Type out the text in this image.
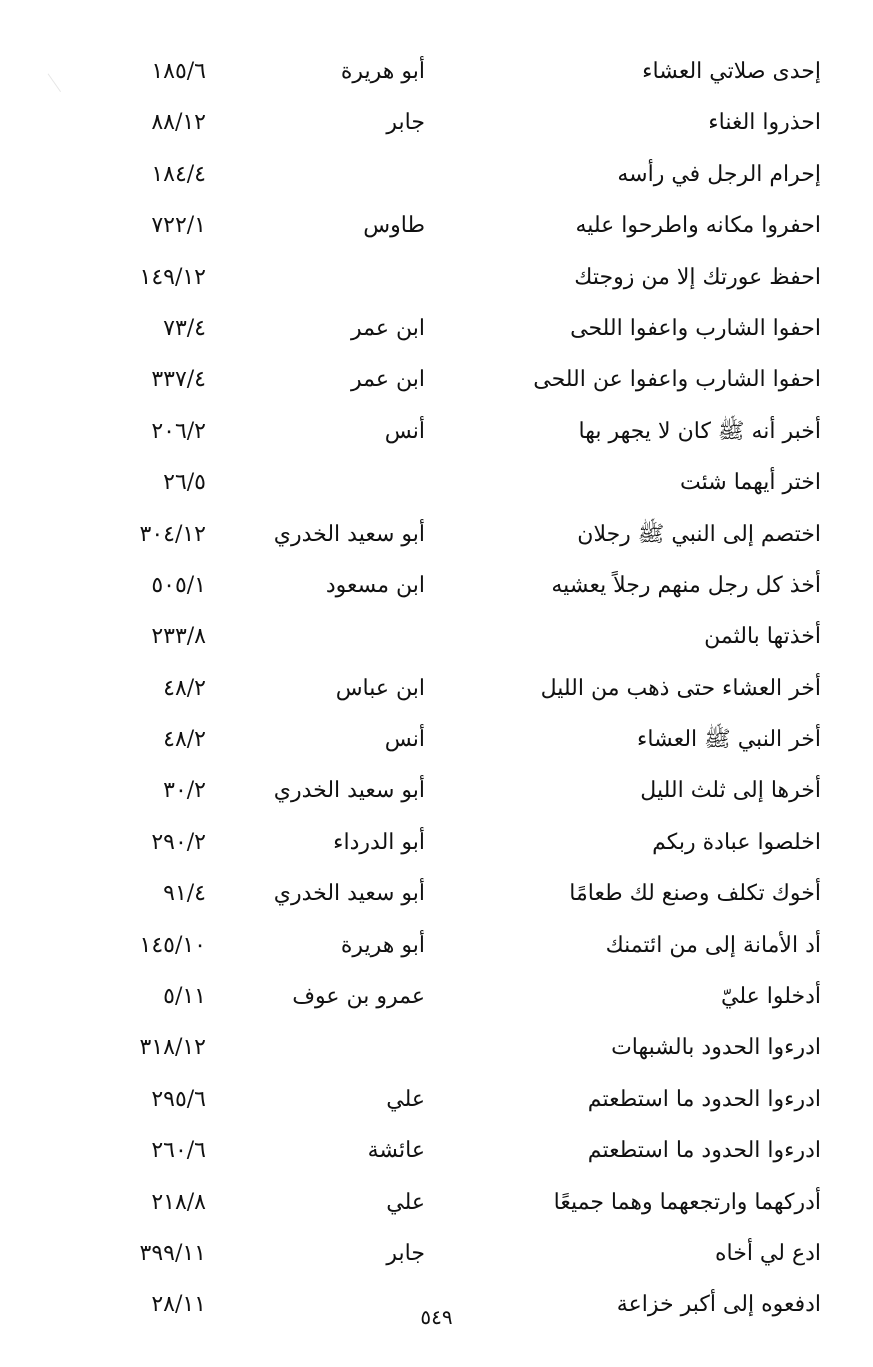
إحدى صلاتي العشاء
أبو هريرة
١٨٥/٦
احذروا الغناء
جابر
٨٨/١٢
إحرام الرجل في رأسه
١٨٤/٤
احفروا مكانه واطرحوا عليه
طاوس
٧٢٢/١
احفظ عورتك إلا من زوجتك
١٤٩/١٢
احفوا الشارب واعفوا اللحى
ابن عمر
٧٣/٤
احفوا الشارب واعفوا عن اللحى
ابن عمر
٣٣٧/٤
أخبر أنه ﷺ كان لا يجهر بها
أنس
٢٠٦/٢
اختر أيهما شئت
٢٦/٥
اختصم إلى النبي ﷺ رجلان
أبو سعيد الخدري
٣٠٤/١٢
أخذ كل رجل منهم رجلاً يعشيه
ابن مسعود
٥٠٥/١
أخذتها بالثمن
٢٣٣/٨
أخر العشاء حتى ذهب من الليل
ابن عباس
٤٨/٢
أخر النبي ﷺ العشاء
أنس
٤٨/٢
أخرها إلى ثلث الليل
أبو سعيد الخدري
٣٠/٢
اخلصوا عبادة ربكم
أبو الدرداء
٢٩٠/٢
أخوك تكلف وصنع لك طعامًا
أبو سعيد الخدري
٩١/٤
أد الأمانة إلى من ائتمنك
أبو هريرة
١٤٥/١٠
أدخلوا عليّ
عمرو بن عوف
٥/١١
ادرءوا الحدود بالشبهات
٣١٨/١٢
ادرءوا الحدود ما استطعتم
علي
٢٩٥/٦
ادرءوا الحدود ما استطعتم
عائشة
٢٦٠/٦
أدركهما وارتجعهما وهما جميعًا
علي
٢١٨/٨
ادع لي أخاه
جابر
٣٩٩/١١
ادفعوه إلى أكبر خزاعة
٢٨/١١	٥٤٩
